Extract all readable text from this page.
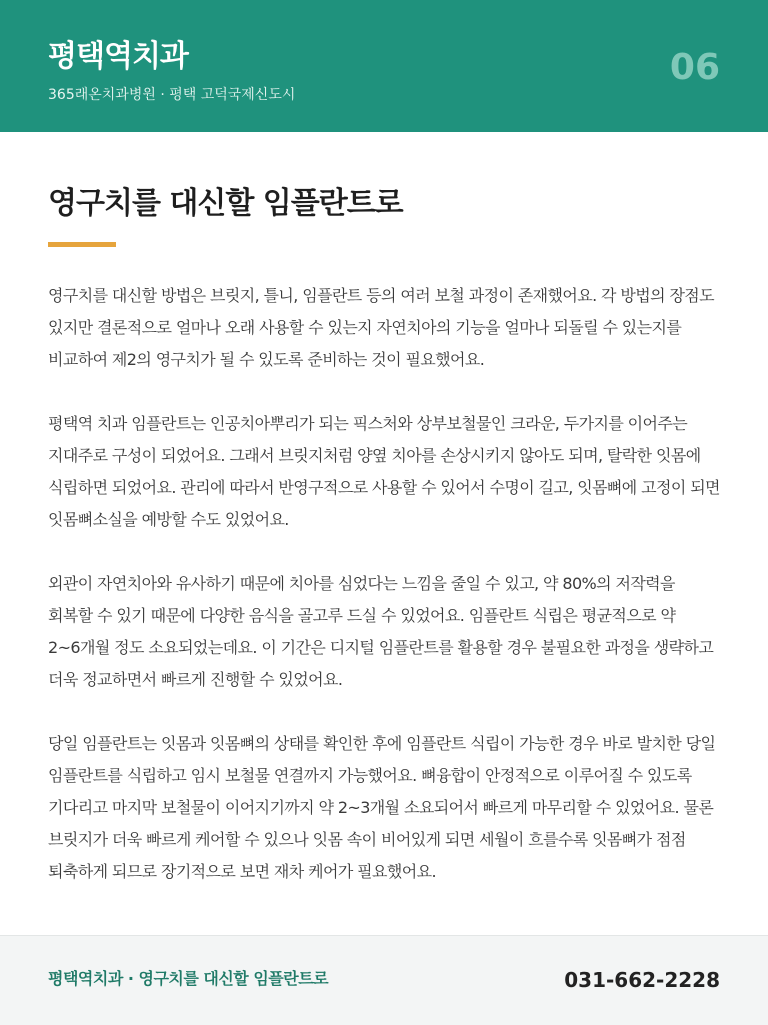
평택역치과

365래온치과병원 · 평택 고덕국제신도시

06
영구치를 대신할 임플란트로

영구치를 대신할 방법은 브릿지, 틀니, 임플란트 등의 여러 보철 과정이 존재했어요. 각 방법의 장점도 있지만 결론적으로 얼마나 오래 사용할 수 있는지 자연치아의 기능을 얼마나 되돌릴 수 있는지를 비교하여 제2의 영구치가 될 수 있도록 준비하는 것이 필요했어요.

평택역 치과 임플란트는 인공치아뿌리가 되는 픽스처와 상부보철물인 크라운, 두가지를 이어주는 지대주로 구성이 되었어요. 그래서 브릿지처럼 양옆 치아를 손상시키지 않아도 되며, 탈락한 잇몸에 식립하면 되었어요. 관리에 따라서 반영구적으로 사용할 수 있어서 수명이 길고, 잇몸뼈에 고정이 되면 잇몸뼈소실을 예방할 수도 있었어요.

외관이 자연치아와 유사하기 때문에 치아를 심었다는 느낌을 줄일 수 있고, 약 80%의 저작력을 회복할 수 있기 때문에 다양한 음식을 골고루 드실 수 있었어요. 임플란트 식립은 평균적으로 약 2~6개월 정도 소요되었는데요. 이 기간은 디지털 임플란트를 활용할 경우 불필요한 과정을 생략하고 더욱 정교하면서 빠르게 진행할 수 있었어요.

당일 임플란트는 잇몸과 잇몸뼈의 상태를 확인한 후에 임플란트 식립이 가능한 경우 바로 발치한 당일 임플란트를 식립하고 임시 보철물 연결까지 가능했어요. 뼈융합이 안정적으로 이루어질 수 있도록 기다리고 마지막 보철물이 이어지기까지 약 2~3개월 소요되어서 빠르게 마무리할 수 있었어요. 물론 브릿지가 더욱 빠르게 케어할 수 있으나 잇몸 속이 비어있게 되면 세월이 흐를수록 잇몸뼈가 점점 퇴축하게 되므로 장기적으로 보면 재차 케어가 필요했어요.

평택역치과 · 영구치를 대신할 임플란트로	031-662-2228
